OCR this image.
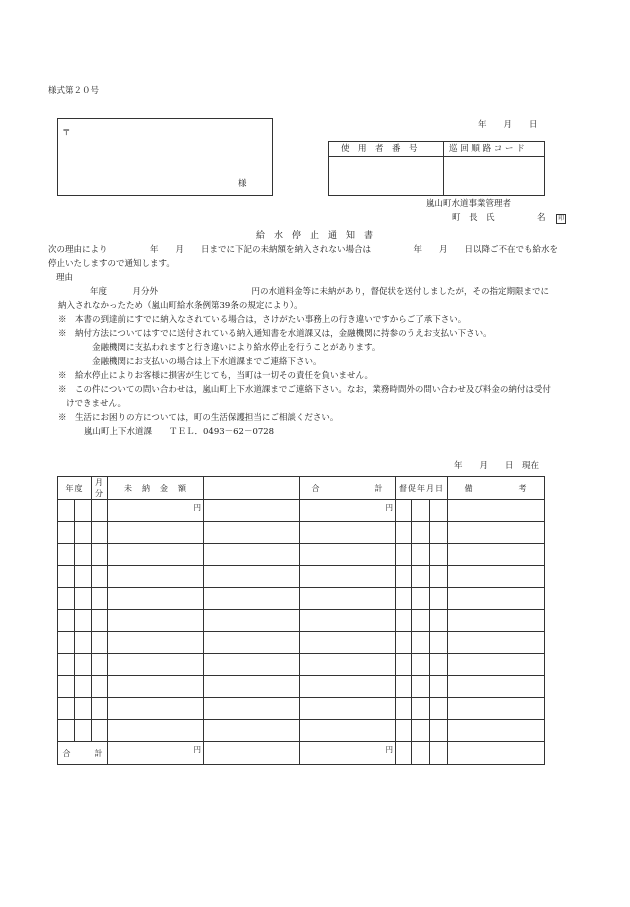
様式第２０号
年　　月　　日
〒
様
使　用　者　番　号	巡 回 順 路 コ ー ド
嵐山町水道事業管理者
町　長　氏　　　　　名 印
給　水　停　止　通　知　書
次の理由により　　　　　年　　月　　日までに下記の未納額を納入されない場合は　　　　　年　　月　　日以降ご不在でも給水を
停止いたしますので通知します。
理由
年度　　　月分外　　　　　　　　　　　円の水道料金等に未納があり，督促状を送付しましたが，その指定期限までに
納入されなかったため（嵐山町給水条例第39条の規定により）。
※　本書の到達前にすでに納入なされている場合は，さけがたい事務上の行き違いですからご了承下さい。
※　納付方法についてはすでに送付されている納入通知書を水道課又は，金融機関に持参のうえお支払い下さい。
金融機関に支払われますと行き違いにより給水停止を行うことがあります。
金融機関にお支払いの場合は上下水道課までご連絡下さい。
※　給水停止によりお客様に損害が生じても，当町は一切その責任を負いません。
※　この件についての問い合わせは，嵐山町上下水道課までご連絡下さい。なお，業務時間外の問い合わせ及び料金の納付は受付
けできません。
※　生活にお困りの方については，町の生活保護担当にご相談ください。
嵐山町上下水道課　　ＴＥＬ．0493－62－0728
年　　月　　日　現在
年度		月分	未　納　金　額		合　　　　　　計	督促年月日			備　　　　　考

			円		円				

合　　　計			円		円				
